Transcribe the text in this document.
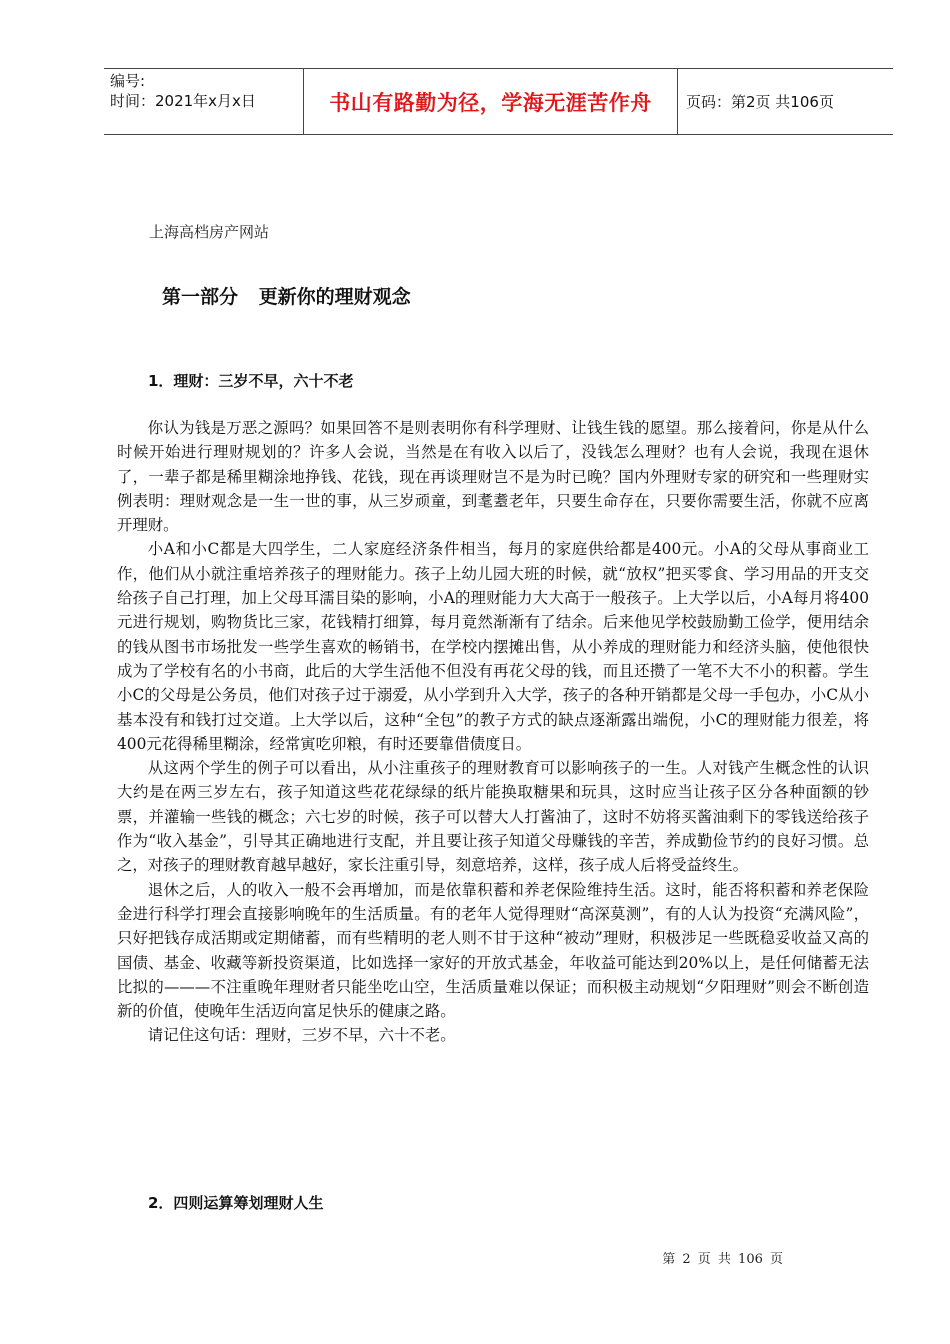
编号:
时间：2021年x月x日	书山有路勤为径，学海无涯苦作舟	页码：第2页 共106页
上海高档房产网站
第一部分 更新你的理财观念
1．理财：三岁不早，六十不老

你认为钱是万恶之源吗？如果回答不是则表明你有科学理财、让钱生钱的愿望。那么接着问，你是从什么时候开始进行理财规划的？许多人会说，当然是在有收入以后了，没钱怎么理财？也有人会说，我现在退休了，一辈子都是稀里糊涂地挣钱、花钱，现在再谈理财岂不是为时已晚？国内外理财专家的研究和一些理财实例表明：理财观念是一生一世的事，从三岁顽童，到耄耋老年，只要生命存在，只要你需要生活，你就不应离开理财。

小A和小C都是大四学生，二人家庭经济条件相当，每月的家庭供给都是400元。小A的父母从事商业工作，他们从小就注重培养孩子的理财能力。孩子上幼儿园大班的时候，就“放权”把买零食、学习用品的开支交给孩子自己打理，加上父母耳濡目染的影响，小A的理财能力大大高于一般孩子。上大学以后，小A每月将400元进行规划，购物货比三家，花钱精打细算，每月竟然渐渐有了结余。后来他见学校鼓励勤工俭学，便用结余的钱从图书市场批发一些学生喜欢的畅销书，在学校内摆摊出售，从小养成的理财能力和经济头脑，使他很快成为了学校有名的小书商，此后的大学生活他不但没有再花父母的钱，而且还攒了一笔不大不小的积蓄。学生小C的父母是公务员，他们对孩子过于溺爱，从小学到升入大学，孩子的各种开销都是父母一手包办，小C从小基本没有和钱打过交道。上大学以后，这种“全包”的教子方式的缺点逐渐露出端倪，小C的理财能力很差，将400元花得稀里糊涂，经常寅吃卯粮，有时还要靠借债度日。

从这两个学生的例子可以看出，从小注重孩子的理财教育可以影响孩子的一生。人对钱产生概念性的认识大约是在两三岁左右，孩子知道这些花花绿绿的纸片能换取糖果和玩具，这时应当让孩子区分各种面额的钞票，并灌输一些钱的概念；六七岁的时候，孩子可以替大人打酱油了，这时不妨将买酱油剩下的零钱送给孩子作为“收入基金”，引导其正确地进行支配，并且要让孩子知道父母赚钱的辛苦，养成勤俭节约的良好习惯。总之，对孩子的理财教育越早越好，家长注重引导，刻意培养，这样，孩子成人后将受益终生。

退休之后，人的收入一般不会再增加，而是依靠积蓄和养老保险维持生活。这时，能否将积蓄和养老保险金进行科学打理会直接影响晚年的生活质量。有的老年人觉得理财“高深莫测”，有的人认为投资“充满风险”，只好把钱存成活期或定期储蓄，而有些精明的老人则不甘于这种“被动”理财，积极涉足一些既稳妥收益又高的国债、基金、收藏等新投资渠道，比如选择一家好的开放式基金，年收益可能达到20%以上，是任何储蓄无法比拟的———不注重晚年理财者只能坐吃山空，生活质量难以保证；而积极主动规划“夕阳理财”则会不断创造新的价值，使晚年生活迈向富足快乐的健康之路。

请记住这句话：理财，三岁不早，六十不老。

2．四则运算筹划理财人生
第 2 页 共 106 页
